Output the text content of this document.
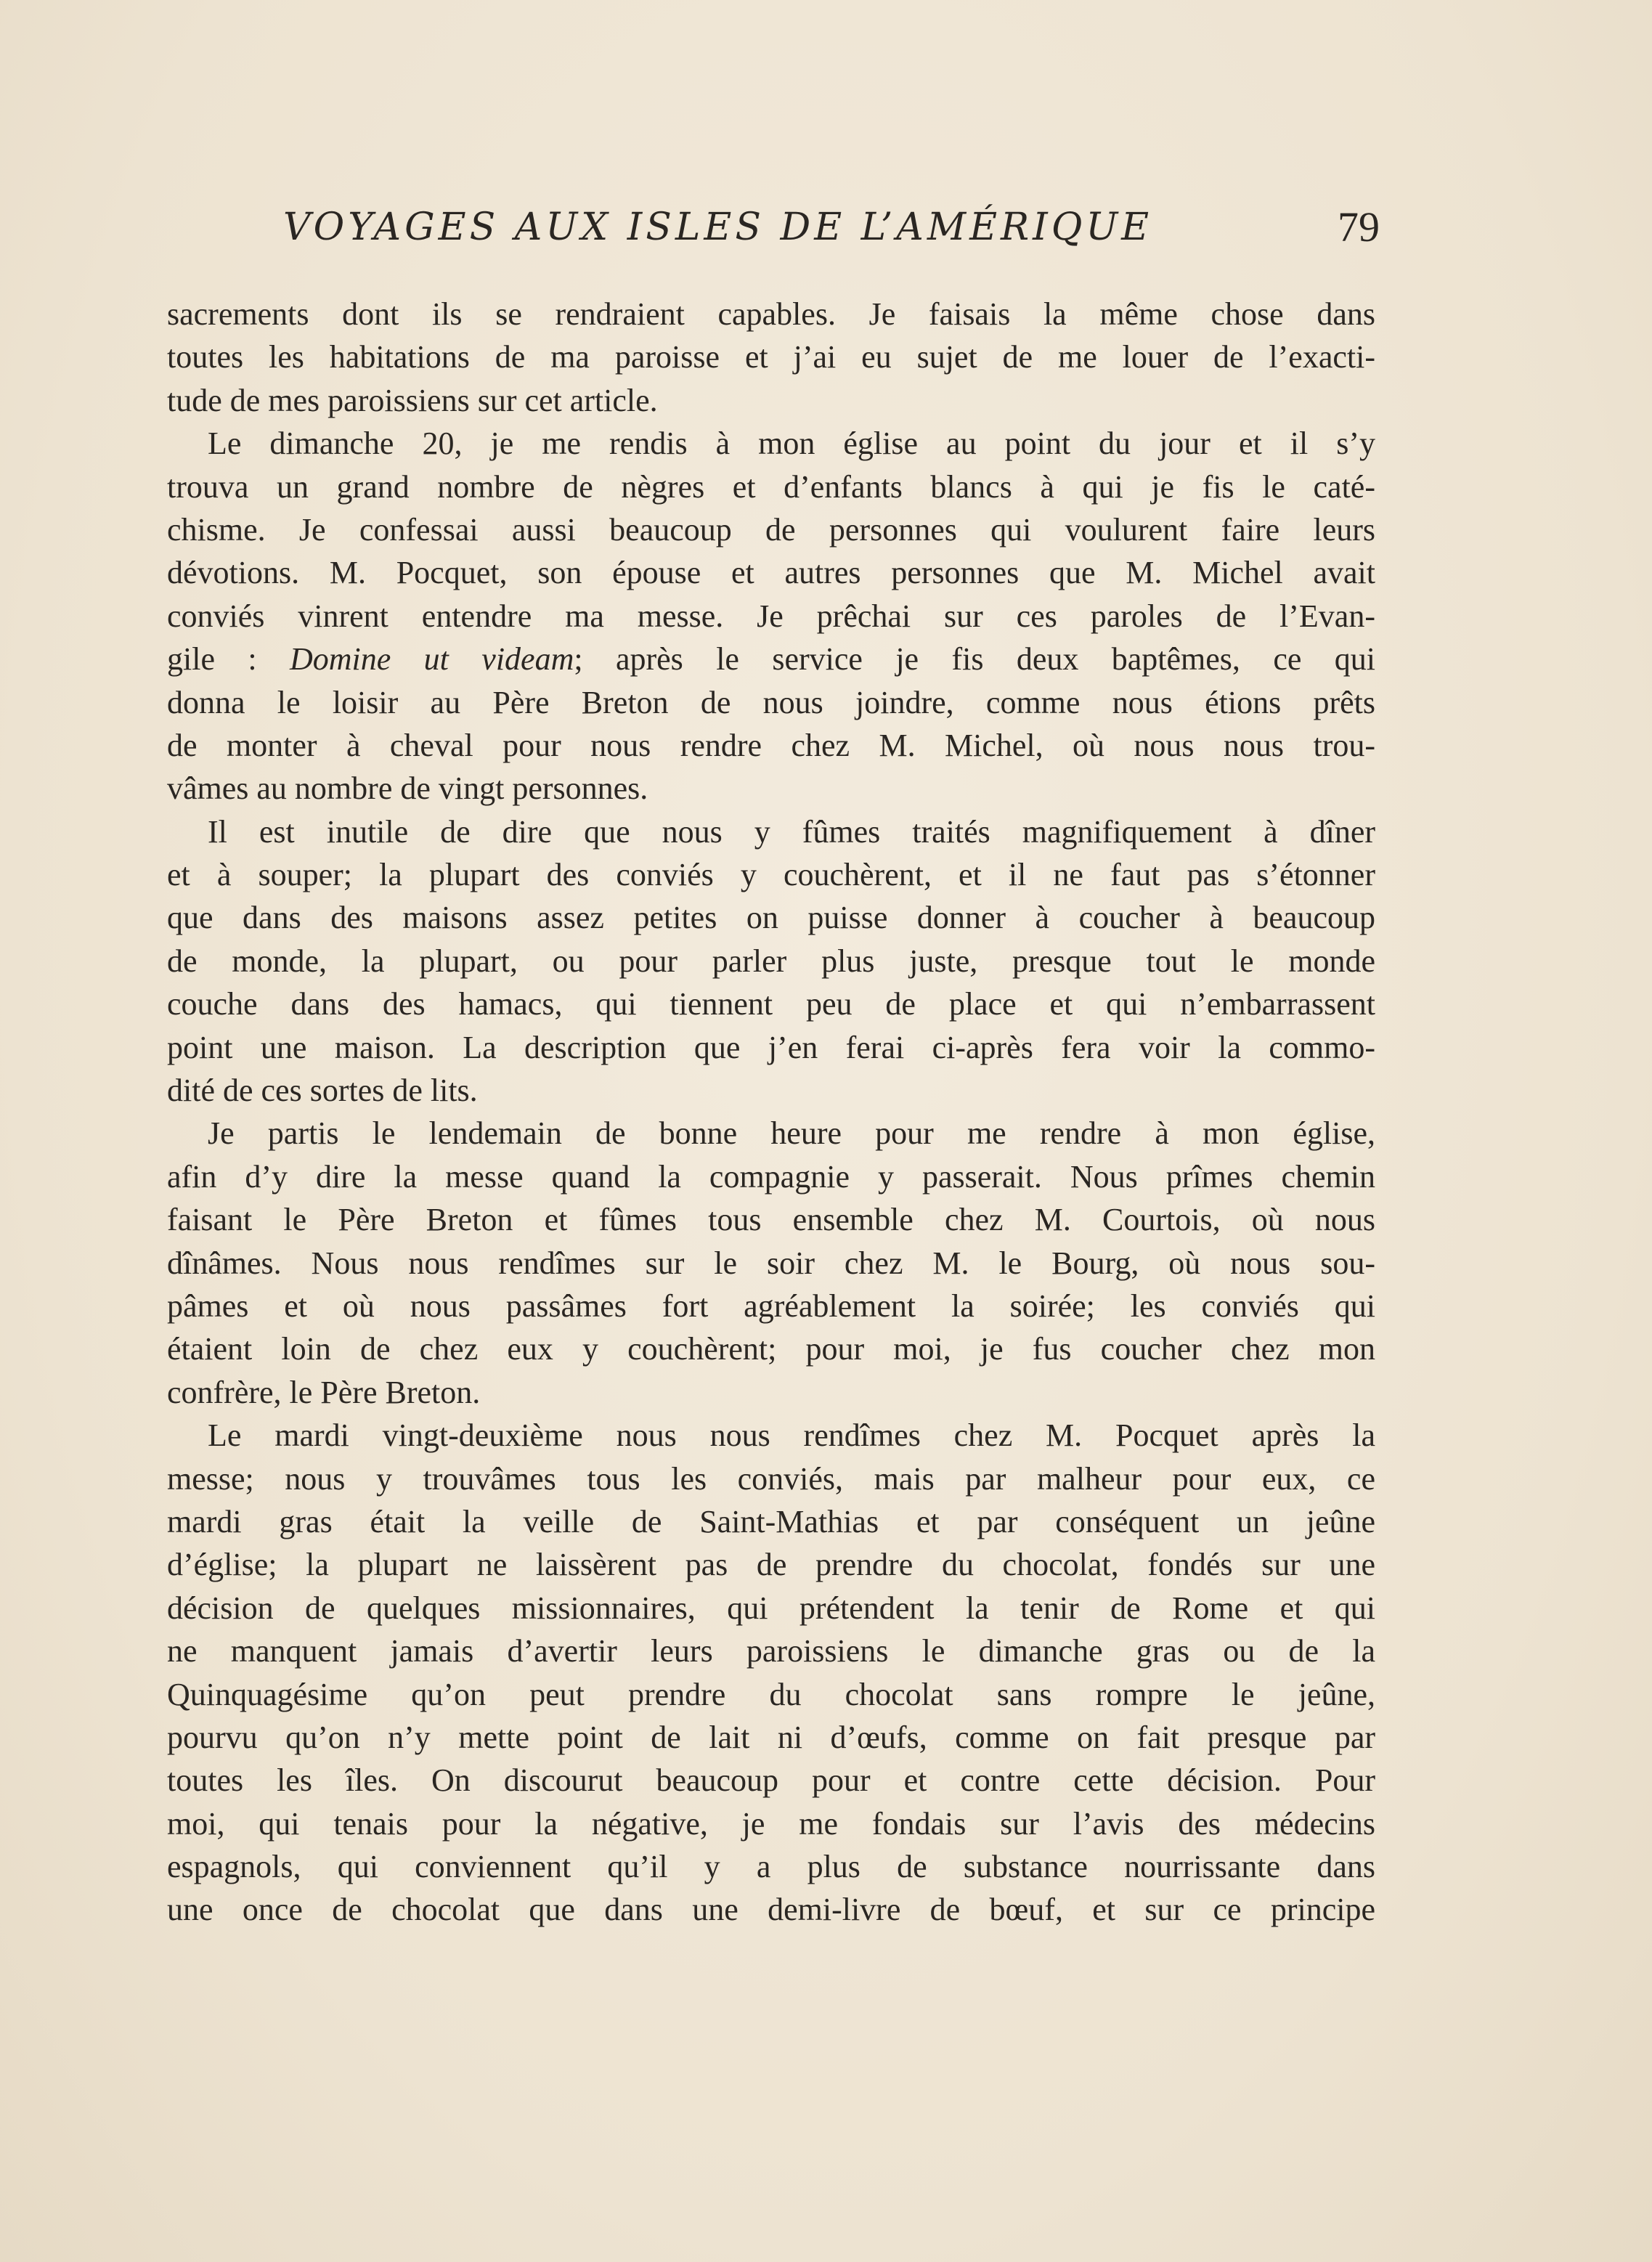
VOYAGES AUX ISLES DE L’AMÉRIQUE	79
sacrements dont ils se rendraient capables. Je faisais la même chose dans
toutes les habitations de ma paroisse et j’ai eu sujet de me louer de l’exacti-
tude de mes paroissiens sur cet article.
Le dimanche 20, je me rendis à mon église au point du jour et il s’y
trouva un grand nombre de nègres et d’enfants blancs à qui je fis le caté-
chisme. Je confessai aussi beaucoup de personnes qui voulurent faire leurs
dévotions. M. Pocquet, son épouse et autres personnes que M. Michel avait
conviés vinrent entendre ma messe. Je prêchai sur ces paroles de l’Evan-
gile : Domine ut videam; après le service je fis deux baptêmes, ce qui
donna le loisir au Père Breton de nous joindre, comme nous étions prêts
de monter à cheval pour nous rendre chez M. Michel, où nous nous trou-
vâmes au nombre de vingt personnes.
Il est inutile de dire que nous y fûmes traités magnifiquement à dîner
et à souper; la plupart des conviés y couchèrent, et il ne faut pas s’étonner
que dans des maisons assez petites on puisse donner à coucher à beaucoup
de monde, la plupart, ou pour parler plus juste, presque tout le monde
couche dans des hamacs, qui tiennent peu de place et qui n’embarrassent
point une maison. La description que j’en ferai ci-après fera voir la commo-
dité de ces sortes de lits.
Je partis le lendemain de bonne heure pour me rendre à mon église,
afin d’y dire la messe quand la compagnie y passerait. Nous prîmes chemin
faisant le Père Breton et fûmes tous ensemble chez M. Courtois, où nous
dînâmes. Nous nous rendîmes sur le soir chez M. le Bourg, où nous sou-
pâmes et où nous passâmes fort agréablement la soirée; les conviés qui
étaient loin de chez eux y couchèrent; pour moi, je fus coucher chez mon
confrère, le Père Breton.
Le mardi vingt-deuxième nous nous rendîmes chez M. Pocquet après la
messe; nous y trouvâmes tous les conviés, mais par malheur pour eux, ce
mardi gras était la veille de Saint-Mathias et par conséquent un jeûne
d’église; la plupart ne laissèrent pas de prendre du chocolat, fondés sur une
décision de quelques missionnaires, qui prétendent la tenir de Rome et qui
ne manquent jamais d’avertir leurs paroissiens le dimanche gras ou de la
Quinquagésime qu’on peut prendre du chocolat sans rompre le jeûne,
pourvu qu’on n’y mette point de lait ni d’œufs, comme on fait presque par
toutes les îles. On discourut beaucoup pour et contre cette décision. Pour
moi, qui tenais pour la négative, je me fondais sur l’avis des médecins
espagnols, qui conviennent qu’il y a plus de substance nourrissante dans
une once de chocolat que dans une demi-livre de bœuf, et sur ce principe
